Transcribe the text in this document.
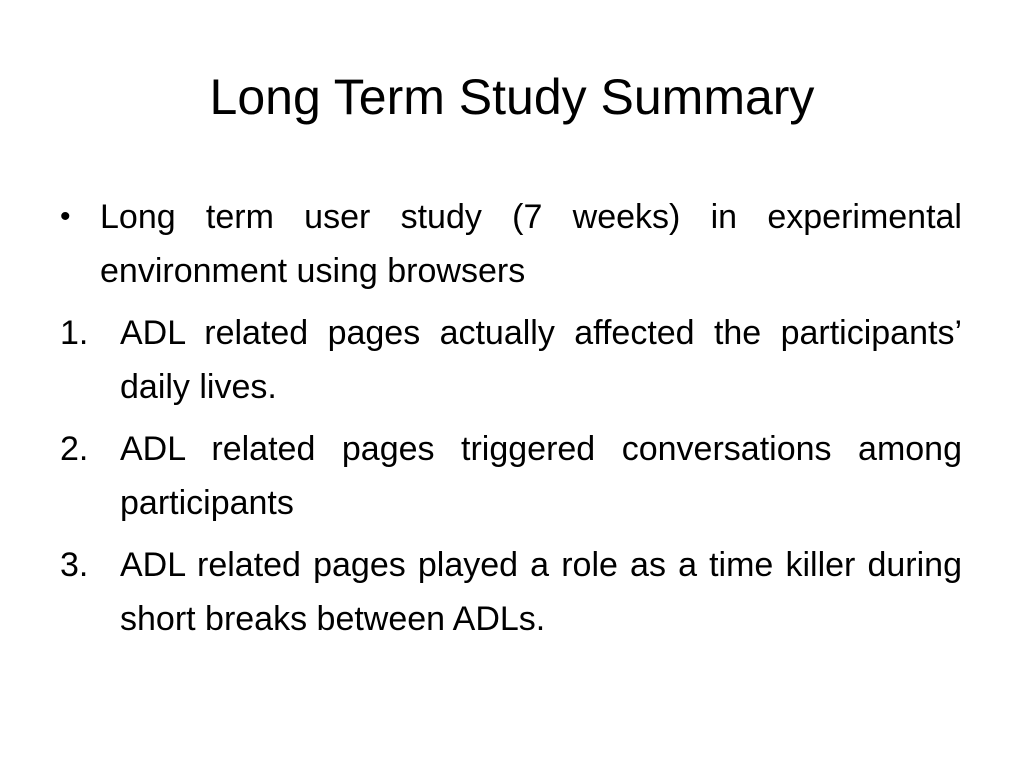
Long Term Study Summary
• Long term user study (7 weeks) in experimental environment using browsers
1. ADL related pages actually affected the participants’ daily lives.
2. ADL related pages triggered conversations among participants
3. ADL related pages played a role as a time killer during short breaks between ADLs.
